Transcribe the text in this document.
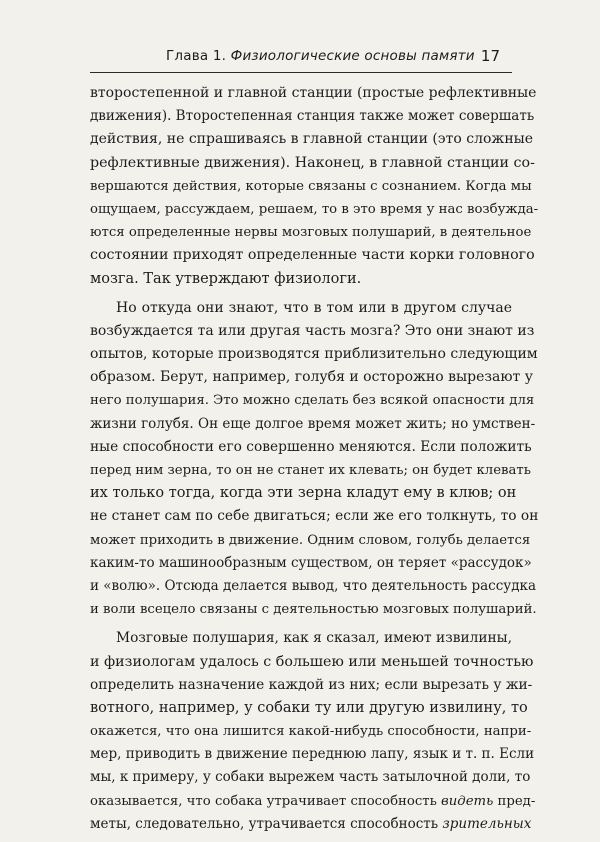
Глава 1. Физиологические основы памяти 17
второстепенной и главной станции (простые рефлективные
движения). Второстепенная станция также может совершать
действия, не спрашиваясь в главной станции (это сложные
рефлективные движения). Наконец, в главной станции со-
вершаются действия, которые связаны с сознанием. Когда мы
ощущаем, рассуждаем, решаем, то в это время у нас возбужда-
ются определенные нервы мозговых полушарий, в деятельное
состоянии приходят определенные части корки головного
мозга. Так утверждают физиологи.
Но откуда они знают, что в том или в другом случае
возбуждается та или другая часть мозга? Это они знают из
опытов, которые производятся приблизительно следующим
образом. Берут, например, голубя и осторожно вырезают у
него полушария. Это можно сделать без всякой опасности для
жизни голубя. Он еще долгое время может жить; но умствен-
ные способности его совершенно меняются. Если положить
перед ним зерна, то он не станет их клевать; он будет клевать
их только тогда, когда эти зерна кладут ему в клюв; он
не станет сам по себе двигаться; если же его толкнуть, то он
может приходить в движение. Одним словом, голубь делается
каким-то машинообразным существом, он теряет «рассудок»
и «волю». Отсюда делается вывод, что деятельность рассудка
и воли всецело связаны с деятельностью мозговых полушарий.
Мозговые полушария, как я сказал, имеют извилины,
и физиологам удалось с большею или меньшей точностью
определить назначение каждой из них; если вырезать у жи-
вотного, например, у собаки ту или другую извилину, то
окажется, что она лишится какой-нибудь способности, напри-
мер, приводить в движение переднюю лапу, язык и т. п. Если
мы, к примеру, у собаки вырежем часть затылочной доли, то
оказывается, что собака утрачивает способность видеть пред-
меты, следовательно, утрачивается способность зрительных
